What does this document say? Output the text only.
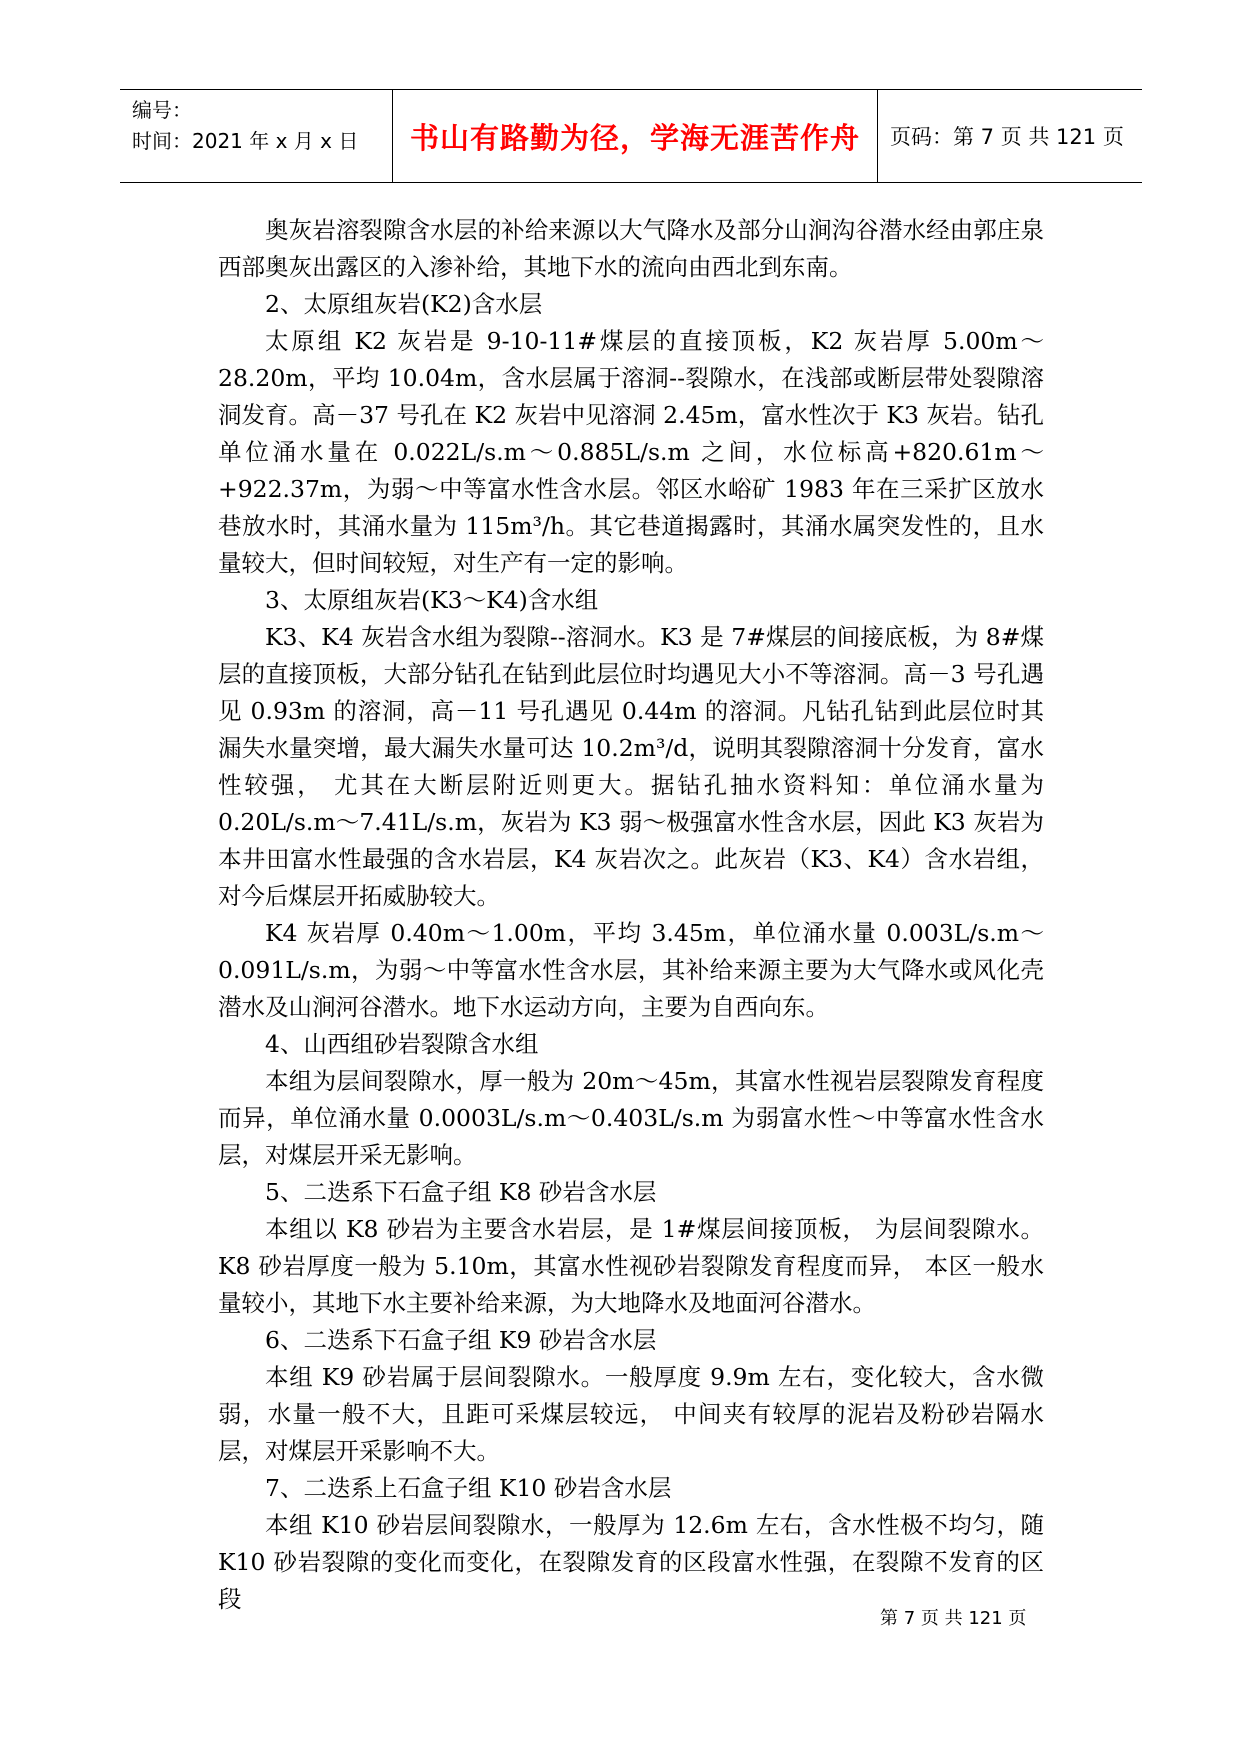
编号：
时间：2021 年 x 月 x 日	书山有路勤为径，学海无涯苦作舟	页码：第 7 页 共 121 页

奥灰岩溶裂隙含水层的补给来源以大气降水及部分山涧沟谷潜水经由郭庄泉西部奥灰出露区的入渗补给，其地下水的流向由西北到东南。

2、太原组灰岩(K2)含水层

太原组 K2 灰岩是 9-10-11#煤层的直接顶板，K2 灰岩厚 5.00m～28.20m，平均 10.04m，含水层属于溶洞--裂隙水，在浅部或断层带处裂隙溶洞发育。高－37 号孔在 K2 灰岩中见溶洞 2.45m，富水性次于 K3 灰岩。钻孔单位涌水量在 0.022L/s.m～0.885L/s.m 之间，水位标高+820.61m～+922.37m，为弱～中等富水性含水层。邻区水峪矿 1983 年在三采扩区放水巷放水时，其涌水量为 115m³/h。其它巷道揭露时，其涌水属突发性的，且水量较大，但时间较短，对生产有一定的影响。

3、太原组灰岩(K3～K4)含水组

K3、K4 灰岩含水组为裂隙--溶洞水。K3 是 7#煤层的间接底板，为 8#煤层的直接顶板，大部分钻孔在钻到此层位时均遇见大小不等溶洞。高－3 号孔遇见 0.93m 的溶洞，高－11 号孔遇见 0.44m 的溶洞。凡钻孔钻到此层位时其漏失水量突增，最大漏失水量可达 10.2m³/d，说明其裂隙溶洞十分发育，富水性较强， 尤其在大断层附近则更大。据钻孔抽水资料知：单位涌水量为 0.20L/s.m～7.41L/s.m，灰岩为 K3 弱～极强富水性含水层，因此 K3 灰岩为本井田富水性最强的含水岩层，K4 灰岩次之。此灰岩（K3、K4）含水岩组，对今后煤层开拓威胁较大。

K4 灰岩厚 0.40m～1.00m，平均 3.45m，单位涌水量 0.003L/s.m～0.091L/s.m，为弱～中等富水性含水层，其补给来源主要为大气降水或风化壳潜水及山涧河谷潜水。地下水运动方向，主要为自西向东。

4、山西组砂岩裂隙含水组

本组为层间裂隙水，厚一般为 20m～45m，其富水性视岩层裂隙发育程度而异，单位涌水量 0.0003L/s.m～0.403L/s.m 为弱富水性～中等富水性含水层，对煤层开采无影响。

5、二迭系下石盒子组 K8 砂岩含水层

本组以 K8 砂岩为主要含水岩层，是 1#煤层间接顶板， 为层间裂隙水。K8 砂岩厚度一般为 5.10m，其富水性视砂岩裂隙发育程度而异， 本区一般水量较小，其地下水主要补给来源，为大地降水及地面河谷潜水。

6、二迭系下石盒子组 K9 砂岩含水层

本组 K9 砂岩属于层间裂隙水。一般厚度 9.9m 左右，变化较大，含水微弱，水量一般不大，且距可采煤层较远， 中间夹有较厚的泥岩及粉砂岩隔水层，对煤层开采影响不大。

7、二迭系上石盒子组 K10 砂岩含水层

本组 K10 砂岩层间裂隙水，一般厚为 12.6m 左右，含水性极不均匀，随 K10 砂岩裂隙的变化而变化，在裂隙发育的区段富水性强，在裂隙不发育的区段

第 7 页 共 121 页
